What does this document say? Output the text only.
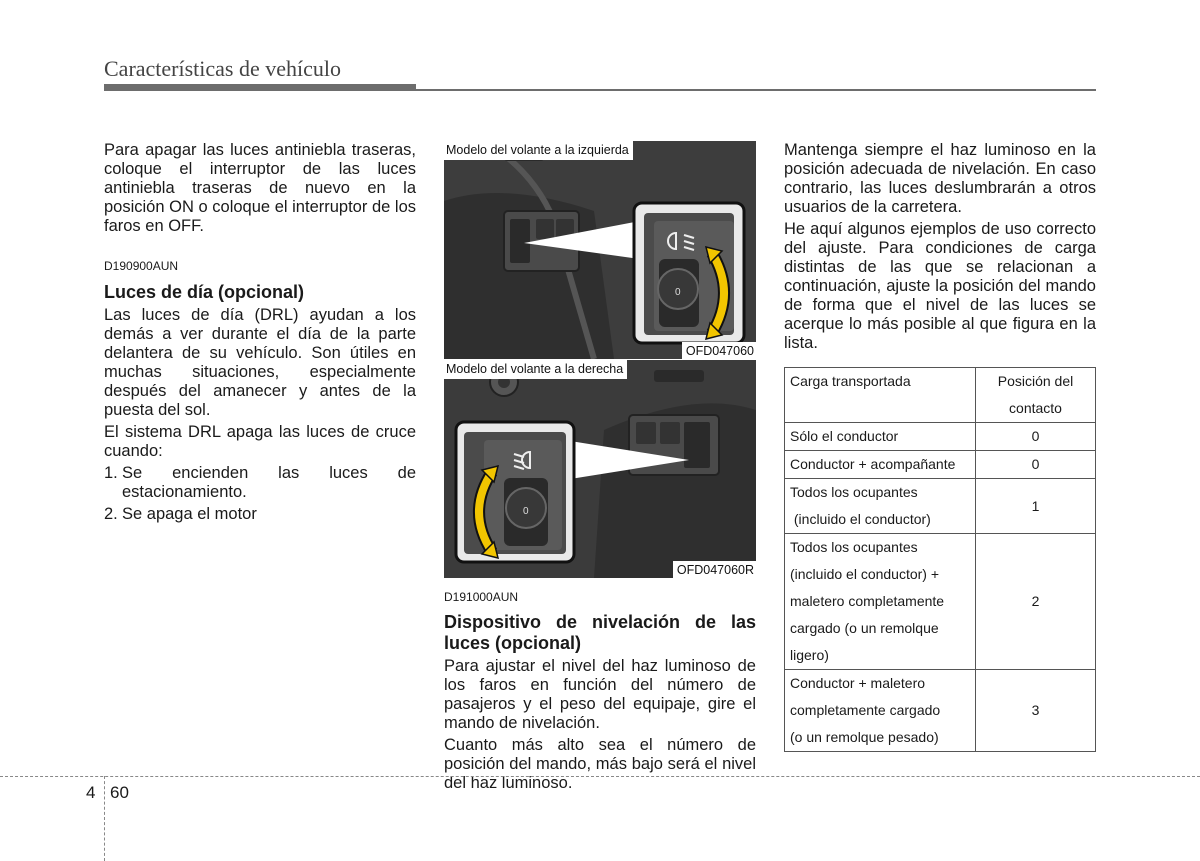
Características de vehículo

Para apagar las luces antiniebla traseras, coloque el interruptor de las luces antiniebla traseras de nuevo en la posición ON o coloque el interruptor de los faros en OFF.

D190900AUN

Luces de día (opcional)

Las luces de día (DRL) ayudan a los demás a ver durante el día de la parte delantera de su vehículo. Son útiles en muchas situaciones, especialmente después del amanecer y antes de la puesta del sol.

El sistema DRL apaga las luces de cruce cuando:

1. Se encienden las luces de estacionamiento.
2. Se apaga el motor
0
Modelo del volante a la izquierda
OFD047060
0
Modelo del volante a la derecha
OFD047060R

D191000AUN

Dispositivo de nivelación de las luces (opcional)

Para ajustar el nivel del haz luminoso de los faros en función del número de pasajeros y el peso del equipaje, gire el mando de nivelación.

Cuanto más alto sea el número de posición del mando, más bajo será el nivel del haz luminoso.

Mantenga siempre el haz luminoso en la posición adecuada de nivelación. En caso contrario, las luces deslumbrarán a otros usuarios de la carretera.

He aquí algunos ejemplos de uso correcto del ajuste. Para condiciones de carga distintas de las que se relacionan a continuación, ajuste la posición del mando de forma que el nivel de las luces se acerque lo más posible al que figura en la lista.

Carga transportada	Posición del
contacto

Sólo el conductor	0

Conductor + acompañante	0

Todos los ocupantes
(incluido el conductor)	1

Todos los ocupantes
(incluido el conductor) +
maletero completamente
cargado (o un remolque
ligero)	2

Conductor + maletero
completamente cargado
(o un remolque pesado)	3
4 60
